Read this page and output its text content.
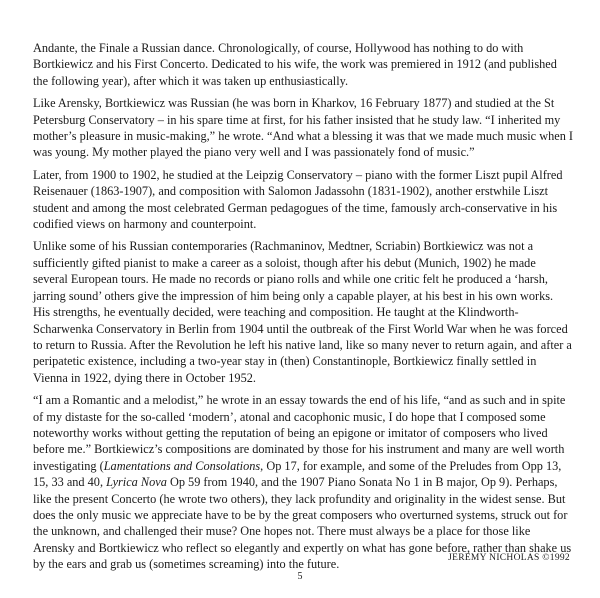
Andante, the Finale a Russian dance. Chronologically, of course, Hollywood has nothing to do with Bortkiewicz and his First Concerto. Dedicated to his wife, the work was premiered in 1912 (and published the following year), after which it was taken up enthusiastically.

Like Arensky, Bortkiewicz was Russian (he was born in Kharkov, 16 February 1877) and studied at the St Petersburg Conservatory – in his spare time at first, for his father insisted that he study law. “I inherited my mother’s pleasure in music-making,” he wrote. “And what a blessing it was that we made much music when I was young. My mother played the piano very well and I was passionately fond of music.”

Later, from 1900 to 1902, he studied at the Leipzig Conservatory – piano with the former Liszt pupil Alfred Reisenauer (1863-1907), and composition with Salomon Jadassohn (1831-1902), another erstwhile Liszt student and among the most celebrated German pedagogues of the time, famously arch-conservative in his codified views on harmony and counterpoint.

Unlike some of his Russian contemporaries (Rachmaninov, Medtner, Scriabin) Bortkiewicz was not a sufficiently gifted pianist to make a career as a soloist, though after his debut (Munich, 1902) he made several European tours. He made no records or piano rolls and while one critic felt he produced a ‘harsh, jarring sound’ others give the impression of him being only a capable player, at his best in his own works. His strengths, he eventually decided, were teaching and composition. He taught at the Klindworth-Scharwenka Conservatory in Berlin from 1904 until the outbreak of the First World War when he was forced to return to Russia. After the Revolution he left his native land, like so many never to return again, and after a peripatetic existence, including a two-year stay in (then) Constantinople, Bortkiewicz finally settled in Vienna in 1922, dying there in October 1952.

“I am a Romantic and a melodist,” he wrote in an essay towards the end of his life, “and as such and in spite of my distaste for the so-called ‘modern’, atonal and cacophonic music, I do hope that I composed some noteworthy works without getting the reputation of being an epigone or imitator of composers who lived before me.” Bortkiewicz’s compositions are dominated by those for his instrument and many are well worth investigating (Lamentations and Consolations, Op 17, for example, and some of the Preludes from Opp 13, 15, 33 and 40, Lyrica Nova Op 59 from 1940, and the 1907 Piano Sonata No 1 in B major, Op 9). Perhaps, like the present Concerto (he wrote two others), they lack profundity and originality in the widest sense. But does the only music we appreciate have to be by the great composers who overturned systems, struck out for the unknown, and challenged their muse? One hopes not. There must always be a place for those like Arensky and Bortkiewicz who reflect so elegantly and expertly on what has gone before, rather than shake us by the ears and grab us (sometimes screaming) into the future.	JEREMY NICHOLAS ©1992
5
